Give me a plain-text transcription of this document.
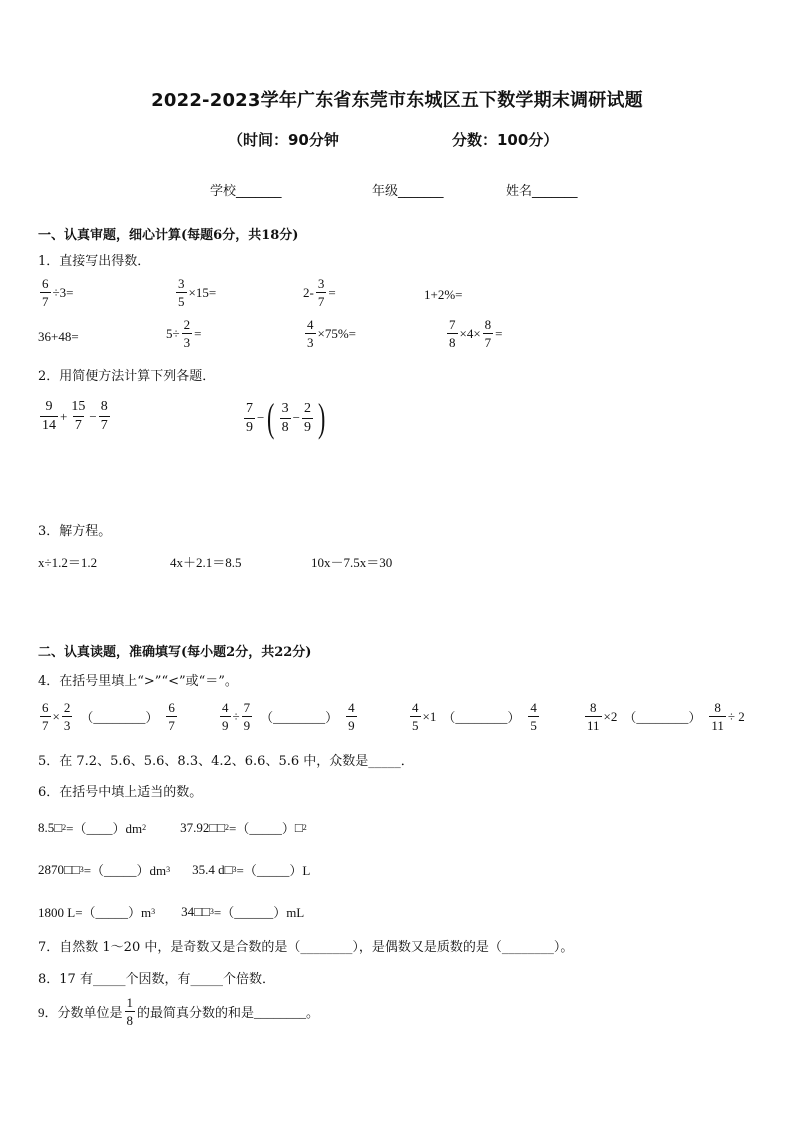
2022-2023学年广东省东莞市东城区五下数学期末调研试题
（时间：90分钟	分数：100分）
学校_______	年级_______	姓名_______
一、认真审题，细心计算(每题6分，共18分)
1．直接写出得数．
$\frac{6}{7} \div 3=$	$\frac{3}{5} \times 15=$	$2- \frac{3}{7}$ =	1+2%=
36+48=	$5\div \frac{2}{3}$ =	$\frac{4}{3} \times 75\%=$	$\frac{7}{8} \times 4\times \frac{8}{7}$ =
2．用简便方法计算下列各题．
$\frac{9}{14} + \frac{15}{7} - \frac{8}{7}$	$\frac{7}{9}$ − ( $\frac{3}{8} - \frac{2}{9}$ )
3．解方程。
x÷1.2＝1.2	4x＋2.1＝8.5	10x－7.5x＝30
二、认真读题，准确填写(每小题2分，共22分)
4．在括号里填上“>”“<”或“＝”。
$\frac{6}{7} \times \frac{2}{3}$ （________） $\frac{6}{7}$	$\frac{4}{9} \div \frac{7}{9}$ （________） $\frac{4}{9}$	$\frac{4}{5} \times 1$ （________） $\frac{4}{5}$	$\frac{8}{11} \times 2$ （________） $\frac{8}{11} \div 2$
5．在 7.2、5.6、5.6、8.3、4.2、6.6、5.6 中，众数是_____．
6．在括号中填上适当的数。
8.5 □ 2 =（____）dm 2	37.92 □□ 2 =（_____） □ 2
2870 □□ 3 =（_____）dm 3 35.4 d □ 3 =（_____）L
1800 L=（_____）m 3 34 □□ 3 =（______）mL
7．自然数 1～20 中，是奇数又是合数的是（________），是偶数又是质数的是（________）。
8．17 有_____个因数，有_____个倍数．
9．分数单位是 $\frac{1}{8}$ 的最简真分数的和是________。
